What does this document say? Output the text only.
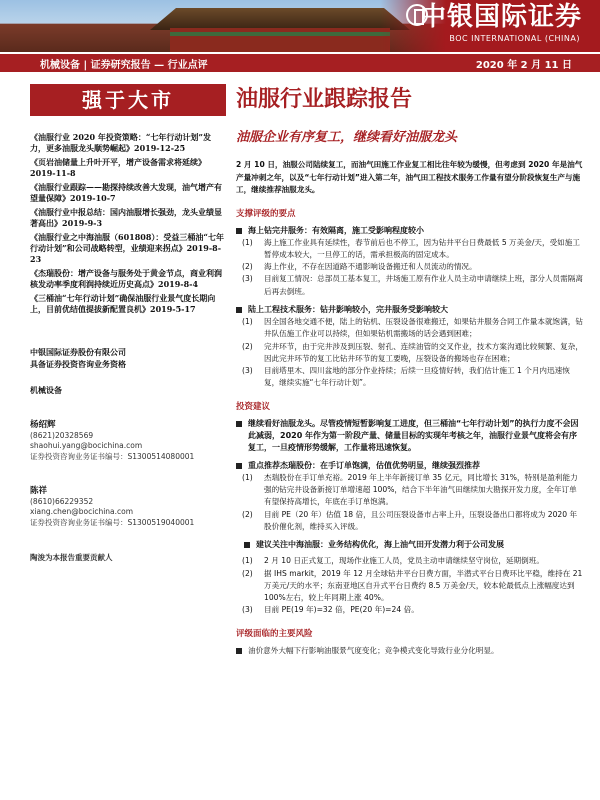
中银国际证券
BOC INTERNATIONAL (CHINA)
机械设备 | 证券研究报告 — 行业点评	2020 年 2 月 11 日
强于大市
《油服行业 2020 年投资策略：“七年行动计划”发力，更多油服龙头顺势崛起》2019-12-25
《页岩油储量上升叶开平，增产设备需求将延续》2019-11-8
《油服行业跟踪——勘探持续改善大发现，油气增产有望量保障》2019-10-7
《油服行业中报总结：国内油服增长强劲，龙头业绩显著高出》2019-9-3
《油服行业之中海油服（601808）：受益三桶油“七年行动计划”和公司战略转型，业绩迎来拐点》2019-8-23
《杰瑞股份：增产设备与服务处于黄金节点，商业利润核发动率季度利润持续近历史高点》2019-8-4
《三桶油“七年行动计划”确保油服行业景气度长期向上，目前优结值提拔新配置良机》2019-5-17
中银国际证券股份有限公司
具备证券投资咨询业务资格
机械设备
杨绍辉
(8621)20328569
shaohui.yang@bocichina.com
证券投资咨询业务证书编号：S1300514080001
陈祥
(8610)66229352
xiang.chen@bocichina.com
证券投资咨询业务证书编号：S1300519040001
陶浚为本报告重要贡献人
油服行业跟踪报告
油服企业有序复工，继续看好油服龙头
2 月 10 日，油服公司陆续复工，而油气田施工作业复工相比往年较为缓慢，但考虑到 2020 年是油气产量冲刺之年，以及“七年行动计划”进入第二年，油气田工程技术服务工作量有望分阶段恢复生产与施工，继续推荐油服龙头。
支撑评级的要点
海上钻完井服务：有效隔离，施工受影响程度较小
(1)	海上施工作业具有延续性，春节前后也不停工，因为钻井平台日费最低 5 万美金/天，受如施工暂停成本较大，一旦停工的话，需承担极高的固定成本。
(2)	海上作业，不存在因道路不通影响设备搬迁和人员流动的情况。
(3)	目前复工情况：总部员工基本复工，井场施工原有作业人员主动申请继续上班，部分人员需隔离后再去倒班。
陆上工程技术服务：钻井影响较小，完井服务受影响较大
(1)	因全国各地交通不便，陆上的钻机、压裂设备很难搬迁，如果钻井服务合同工作量本就饱满，钻井队伍施工作业可以持续，但如果钻机需搬场的话会遇到困难；
(2)	完井环节，由于完井涉及到压裂、射孔、连续油管的交叉作业，技术方案沟通比较频繁、复杂，因此完井环节的复工比钻井环节的复工要晚，压裂设备的搬场也存在困难；
(3)	目前塔里木、四川盆地的部分作业持续；后续一旦疫情好转，我们估计施工 1 个月内迅速恢复，继续实施“七年行动计划”。
投资建议
继续看好油服龙头。尽管疫情短暂影响复工进度，但三桶油“七年行动计划”的执行力度不会因此减弱，2020 年作为第一阶段产量、储量目标的实现年考核之年，油服行业景气度将会有序复工，一旦疫情形势缓解，工作量将迅速恢复。
重点推荐杰瑞股份：在手订单饱满，估值优势明显，继续强烈推荐
(1)	杰瑞股份在手订单充裕。2019 年上半年新接订单 35 亿元，同比增长 31%，特别是盈利能力强的钻完井设备新接订单增速超 100%，结合下半年油气田继续加大勘探开发力度，全年订单有望保持高增长，年底在手订单饱满。
(2)	目前 PE（20 年）估值 18 倍，且公司压裂设备市占率上升，压裂设备出口都将成为 2020 年股价催化剂，维持买入评级。
建议关注中海油服：业务结构优化，海上油气田开发潜力利于公司发展
(1)	2 月 10 日正式复工，现场作业施工人员，党员主动申请继续坚守岗位，延期倒班。
(2)	据 IHS markit，2019 年 12 月全球钻井平台日费方面，半潜式平台日费环比平稳，维持在 21 万美元/天的水平；东南亚地区自升式平台日费约 8.5 万美金/天，较本轮最低点上涨幅度达到 100%左右，较上年同期上涨 40%。
(3)	目前 PE(19 年)=32 倍，PE(20 年)=24 倍。
评级面临的主要风险
油价意外大幅下行影响油服景气度变化；竞争模式变化导致行业分化明显。
